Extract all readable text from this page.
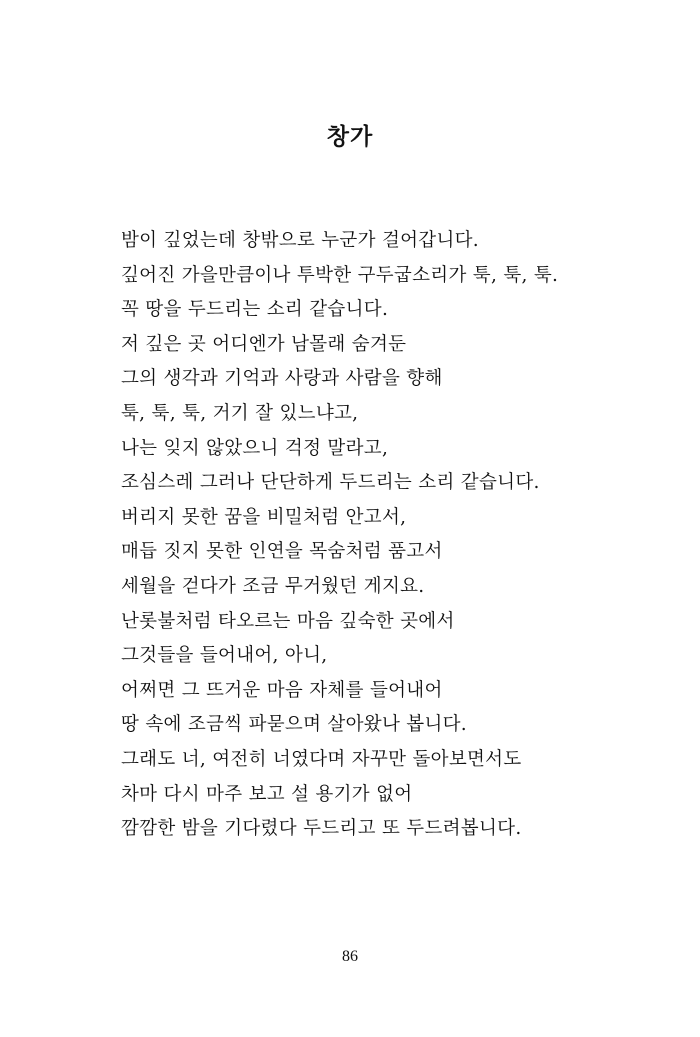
창가
밤이 깊었는데 창밖으로 누군가 걸어갑니다.
깊어진 가을만큼이나 투박한 구두굽소리가 툭, 툭, 툭.
꼭 땅을 두드리는 소리 같습니다.
저 깊은 곳 어디엔가 남몰래 숨겨둔
그의 생각과 기억과 사랑과 사람을 향해
툭, 툭, 툭, 거기 잘 있느냐고,
나는 잊지 않았으니 걱정 말라고,
조심스레 그러나 단단하게 두드리는 소리 같습니다.
버리지 못한 꿈을 비밀처럼 안고서,
매듭 짓지 못한 인연을 목숨처럼 품고서
세월을 걷다가 조금 무거웠던 게지요.
난롯불처럼 타오르는 마음 깊숙한 곳에서
그것들을 들어내어, 아니,
어쩌면 그 뜨거운 마음 자체를 들어내어
땅 속에 조금씩 파묻으며 살아왔나 봅니다.
그래도 너, 여전히 너였다며 자꾸만 돌아보면서도
차마 다시 마주 보고 설 용기가 없어
깜깜한 밤을 기다렸다 두드리고 또 두드려봅니다.
86
